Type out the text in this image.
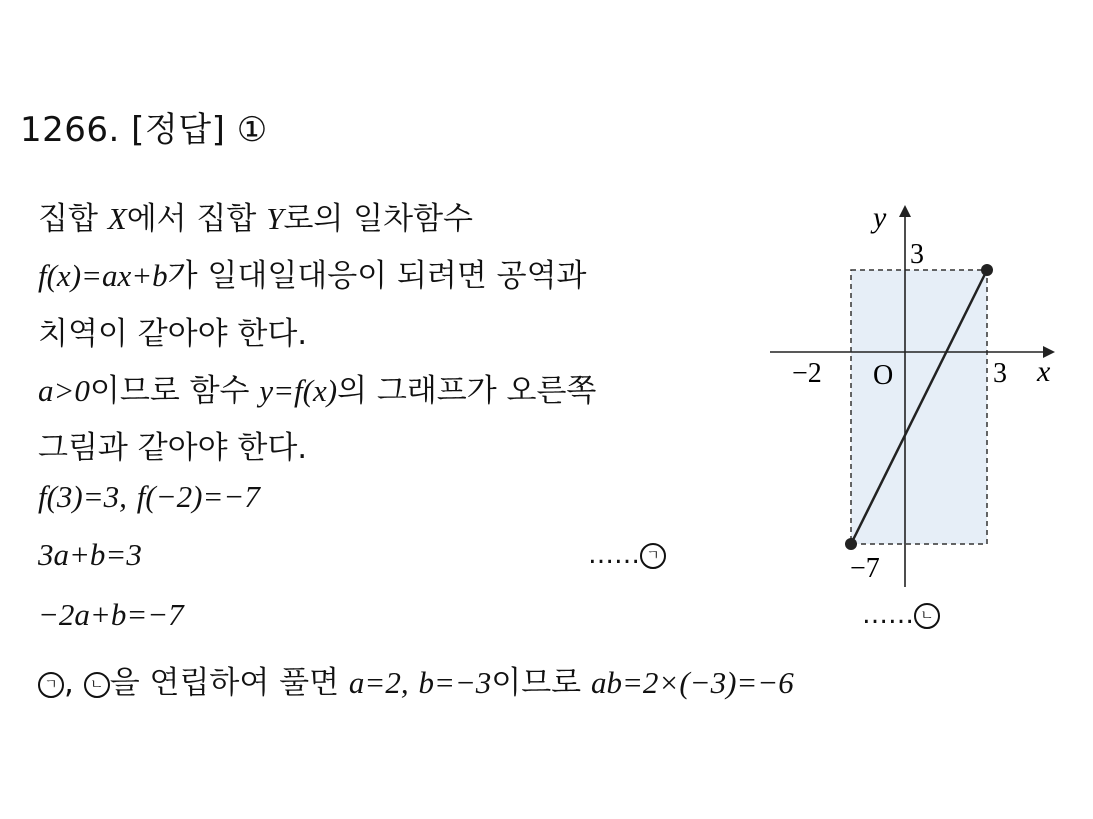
1266. [정답] ①
집합 X에서 집합 Y로의 일차함수
f(x)=ax+b가 일대일대응이 되려면 공역과
치역이 같아야 한다.
a>0이므로 함수 y=f(x)의 그래프가 오른쪽
그림과 같아야 한다.
f(3)=3, f(−2)=−7
3a+b=3	…… ㄱ
−2a+b=−7	…… ㄴ
ㄱ , ㄴ 을 연립하여 풀면 a=2, b=−3이므로 ab=2×(−3)=−6
y
3
−2 O	3 x
−7
